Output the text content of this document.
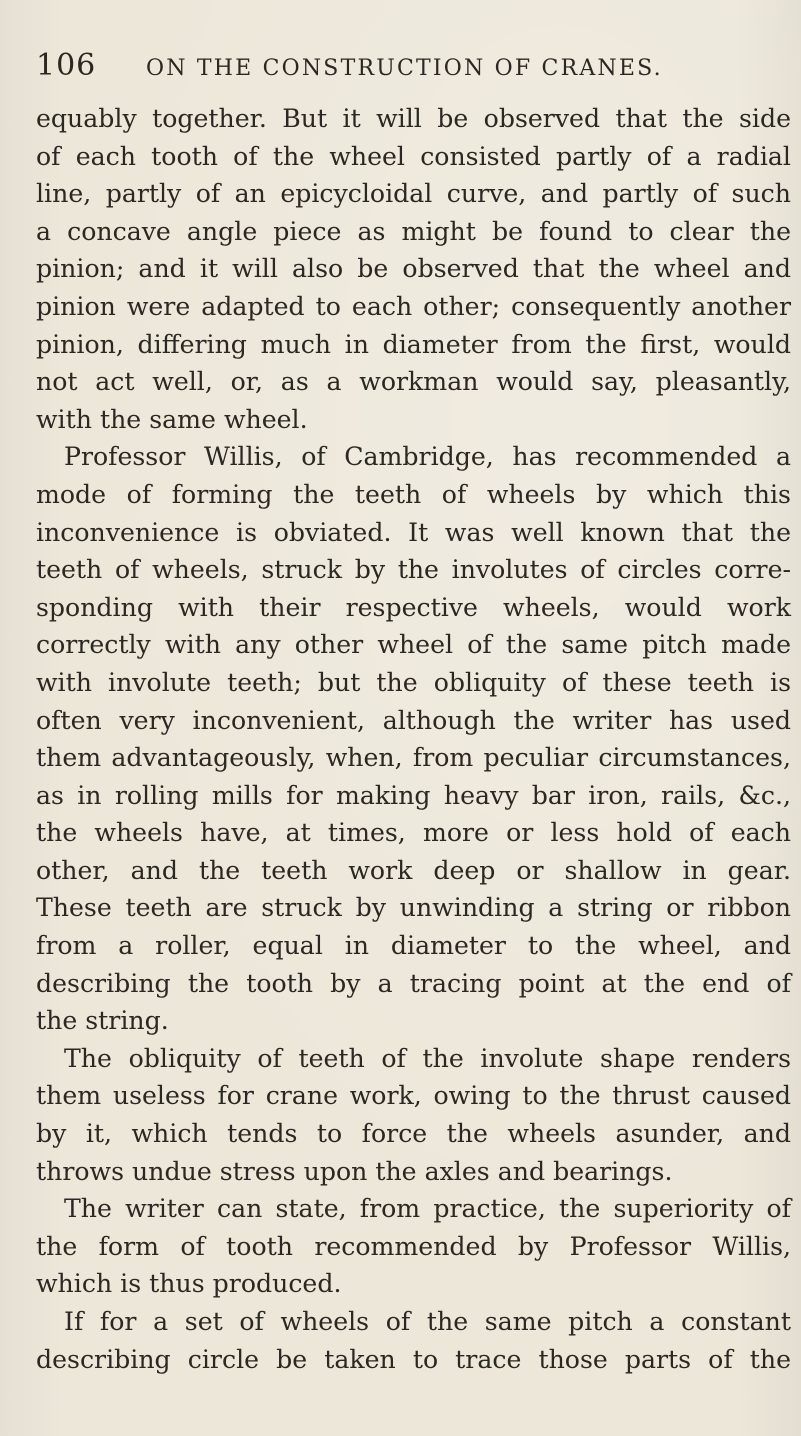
106	ON THE CONSTRUCTION OF CRANES.
equably together. But it will be observed that the side
of each tooth of the wheel consisted partly of a radial
line, partly of an epicycloidal curve, and partly of such
a concave angle piece as might be found to clear the
pinion; and it will also be observed that the wheel and
pinion were adapted to each other; consequently another
pinion, differing much in diameter from the first, would
not act well, or, as a workman would say, pleasantly,
with the same wheel.
Professor Willis, of Cambridge, has recommended a
mode of forming the teeth of wheels by which this
inconvenience is obviated. It was well known that the
teeth of wheels, struck by the involutes of circles corre-
sponding with their respective wheels, would work
correctly with any other wheel of the same pitch made
with involute teeth; but the obliquity of these teeth is
often very inconvenient, although the writer has used
them advantageously, when, from peculiar circumstances,
as in rolling mills for making heavy bar iron, rails, &c.,
the wheels have, at times, more or less hold of each
other, and the teeth work deep or shallow in gear.
These teeth are struck by unwinding a string or ribbon
from a roller, equal in diameter to the wheel, and
describing the tooth by a tracing point at the end of
the string.
The obliquity of teeth of the involute shape renders
them useless for crane work, owing to the thrust caused
by it, which tends to force the wheels asunder, and
throws undue stress upon the axles and bearings.
The writer can state, from practice, the superiority of
the form of tooth recommended by Professor Willis,
which is thus produced.
If for a set of wheels of the same pitch a constant
describing circle be taken to trace those parts of the
